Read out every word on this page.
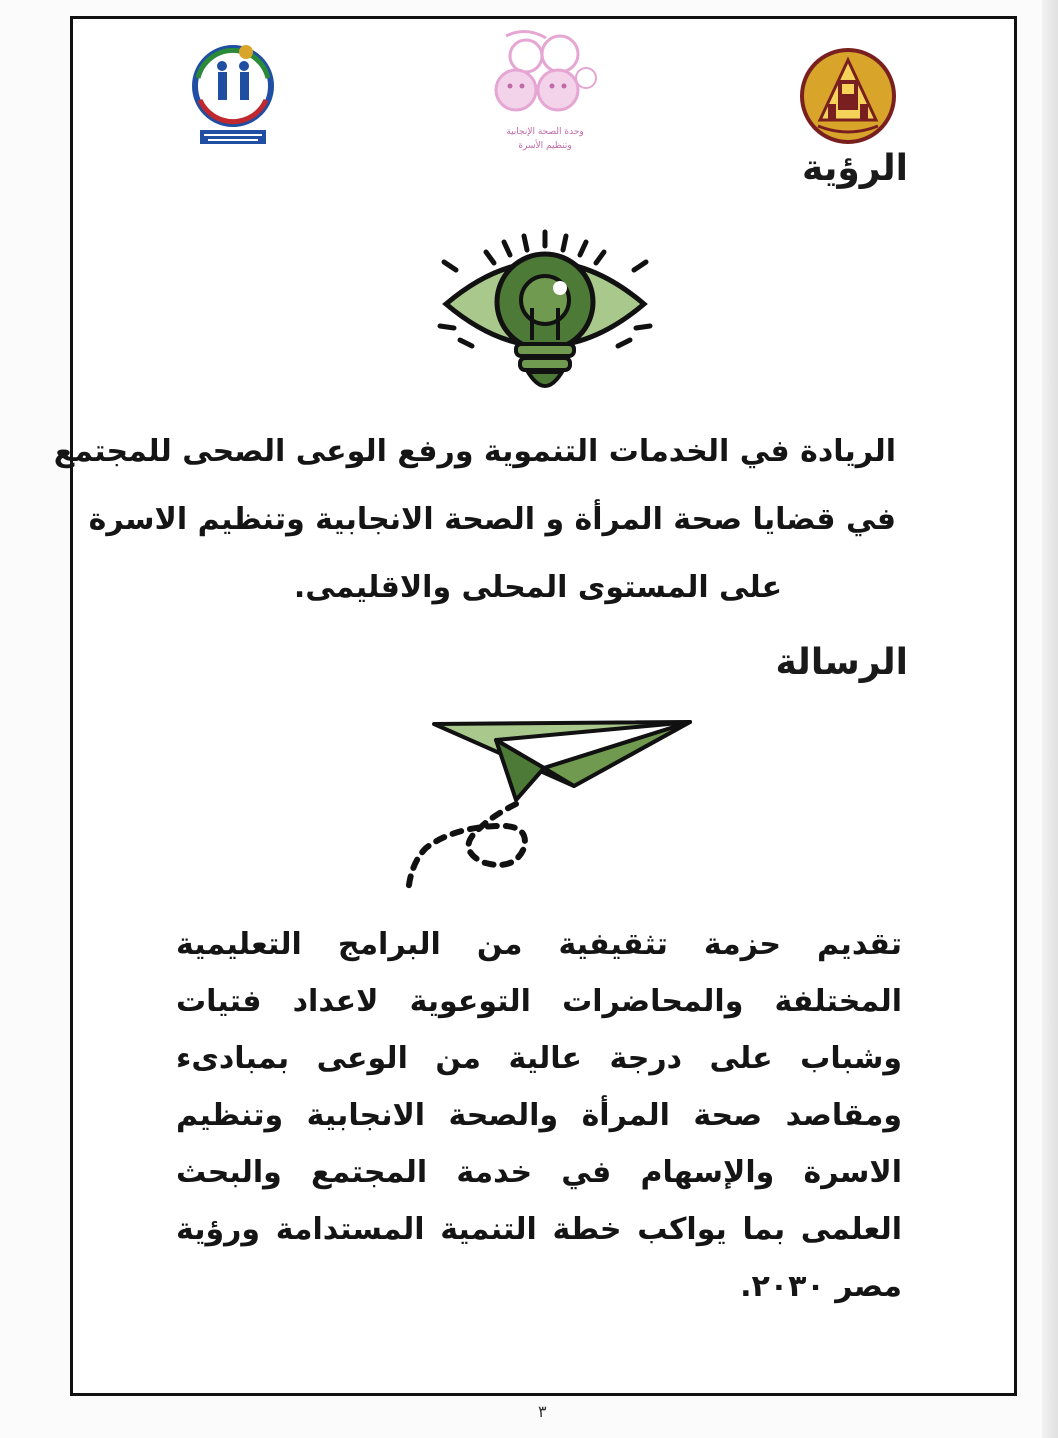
وحدة الصحة الإنجابية
وتنظيم الأسرة
الرؤية

الريادة في الخدمات التنموية ورفع الوعى الصحى للمجتمع
في قضايا صحة المرأة و الصحة الانجابية وتنظيم الاسرة
على المستوى المحلى والاقليمى.

الرسالة

تقديم حزمة تثقيفية من البرامج التعليمية المختلفة والمحاضرات التوعوية لاعداد فتيات وشباب على درجة عالية من الوعى بمبادىء ومقاصد صحة المرأة والصحة الانجابية وتنظيم الاسرة والإسهام في خدمة المجتمع والبحث العلمى بما يواكب خطة التنمية المستدامة ورؤية مصر ٢٠٣٠.

٣
